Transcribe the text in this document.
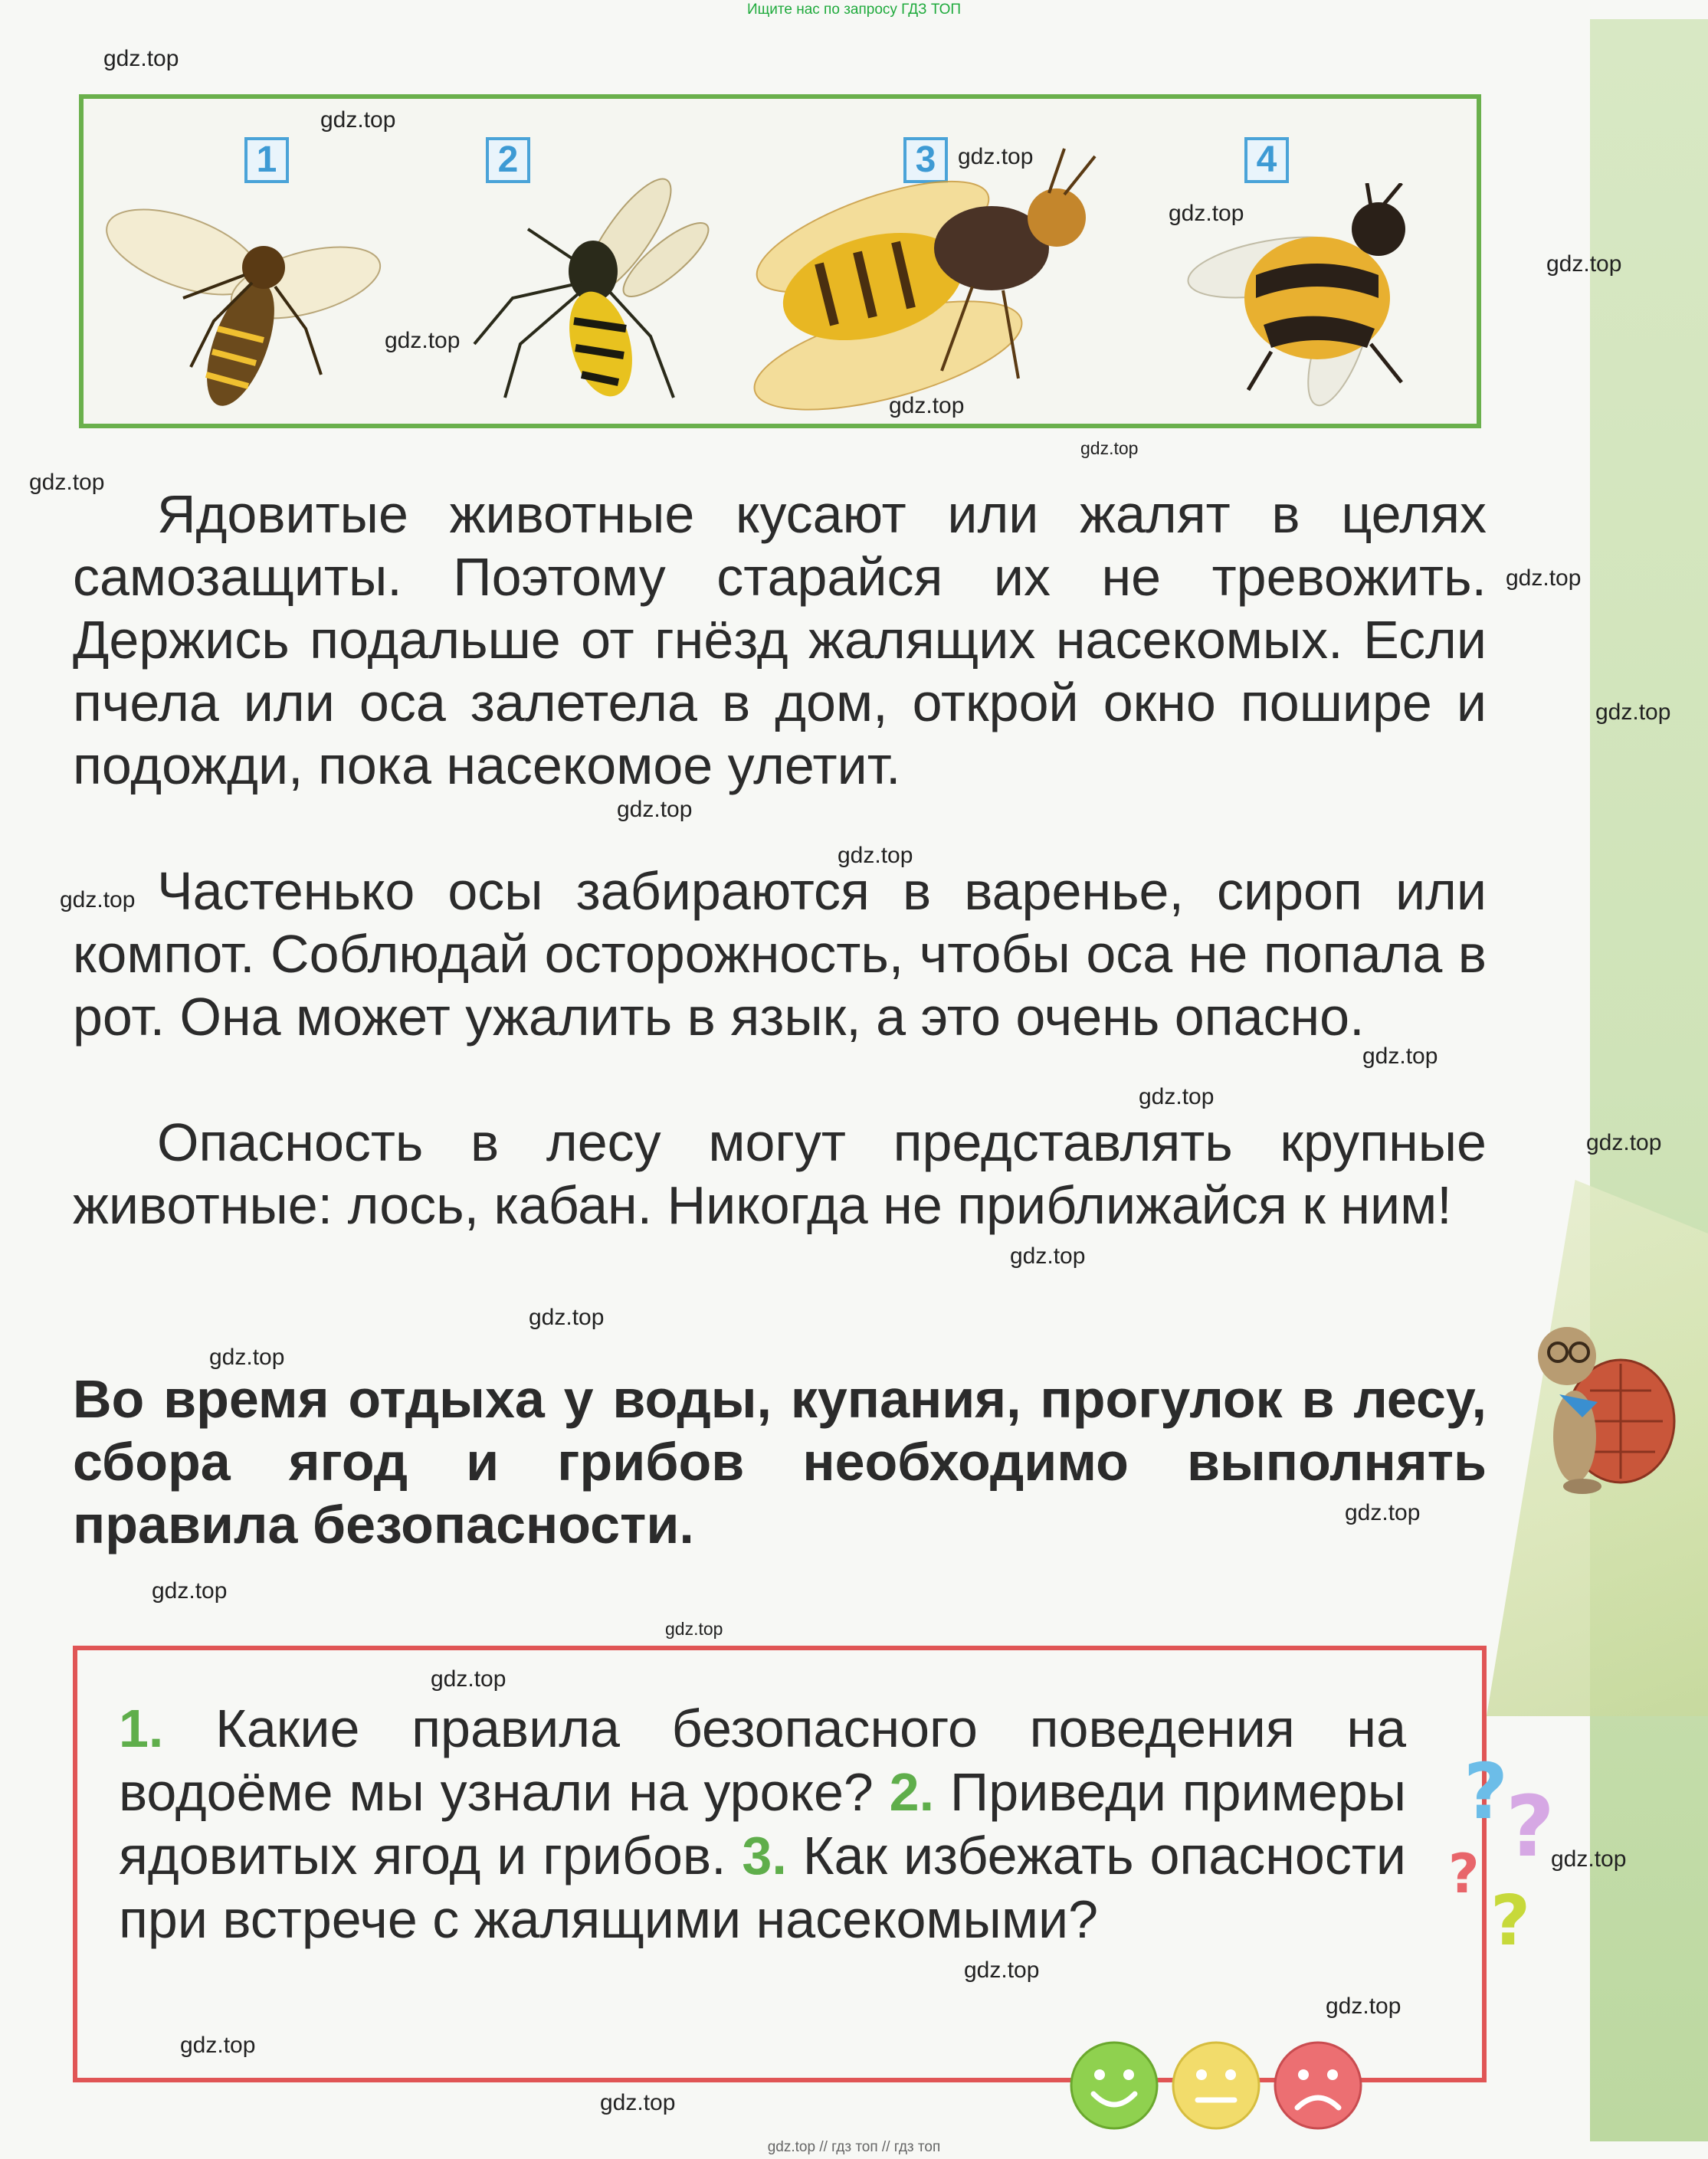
Ищите нас по запросу ГДЗ ТОП
1	2	3	4

Ядовитые животные кусают или жалят в целях самозащиты. Поэтому старайся их не тревожить. Держись подальше от гнёзд жалящих насекомых. Если пчела или оса залетела в дом, открой окно пошире и подожди, пока насекомое улетит.

Частенько осы забираются в варенье, сироп или компот. Соблюдай осторожность, чтобы оса не попала в рот. Она может ужалить в язык, а это очень опасно.

Опасность в лесу могут представлять крупные животные: лось, кабан. Никогда не приближайся к ним!

Во время отдыха у воды, купания, прогулок в лесу, сбора ягод и грибов необходимо выполнять правила безопасности.

1. Какие правила безопасного поведения на водоёме мы узнали на уроке? 2. Приведи примеры ядовитых ягод и грибов. 3. Как избежать опасности при встрече с жалящими насекомыми?

?
?
?
?
gdz.top
gdz.top
gdz.top
gdz.top
gdz.top
gdz.top
gdz.top
gdz.top
gdz.top
gdz.top
gdz.top
gdz.top
gdz.top
gdz.top
gdz.top
gdz.top
gdz.top
gdz.top
gdz.top
gdz.top
gdz.top
gdz.top
gdz.top
gdz.top
gdz.top
gdz.top
gdz.top
gdz.top
gdz.top
gdz.top // гдз топ // гдз топ
